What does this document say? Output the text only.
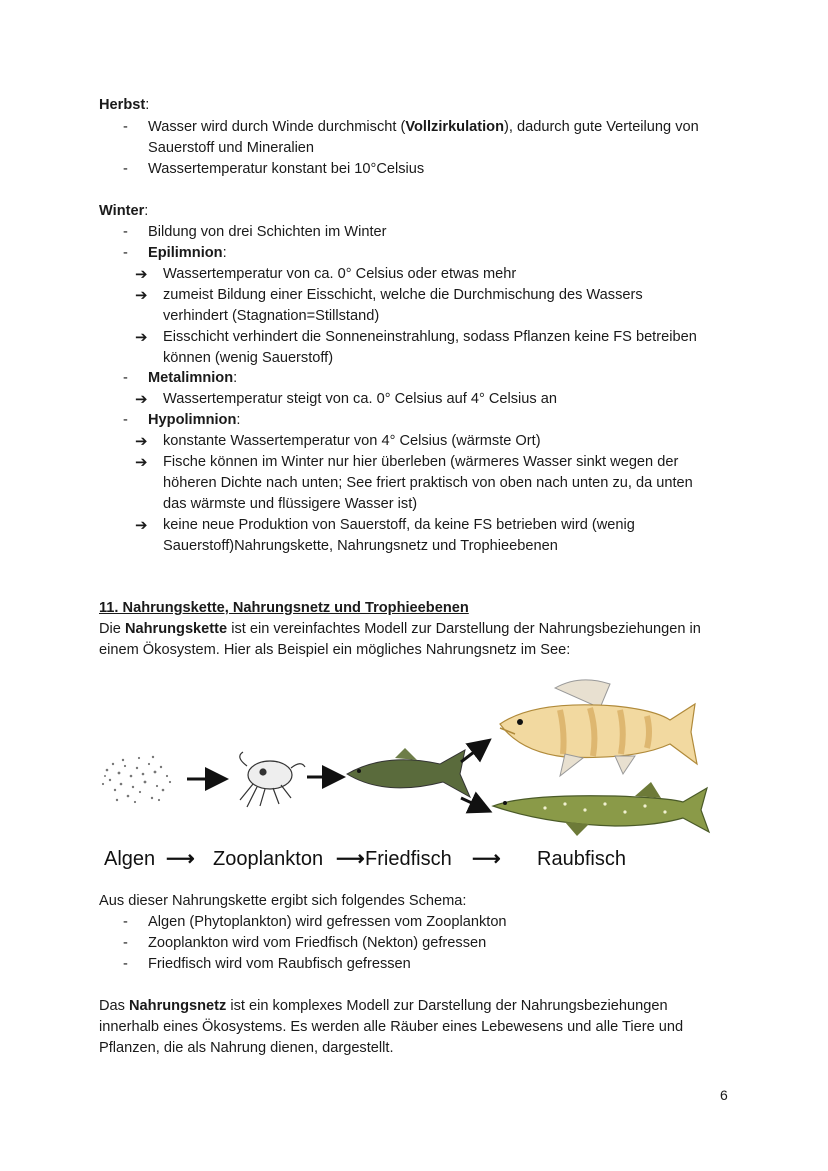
Herbst:
- Wasser wird durch Winde durchmischt (Vollzirkulation), dadurch gute Verteilung von
Sauerstoff und Mineralien
- Wassertemperatur konstant bei 10°Celsius
Winter:
- Bildung von drei Schichten im Winter
- Epilimnion:
➔ Wassertemperatur von ca. 0° Celsius oder etwas mehr
➔ zumeist Bildung einer Eisschicht, welche die Durchmischung des Wassers
verhindert (Stagnation=Stillstand)
➔ Eisschicht verhindert die Sonneneinstrahlung, sodass Pflanzen keine FS betreiben
können (wenig Sauerstoff)
- Metalimnion:
➔ Wassertemperatur steigt von ca. 0° Celsius auf 4° Celsius an
- Hypolimnion:
➔ konstante Wassertemperatur von 4° Celsius (wärmste Ort)
➔ Fische können im Winter nur hier überleben (wärmeres Wasser sinkt wegen der
höheren Dichte nach unten; See friert praktisch von oben nach unten zu, da unten
das wärmste und flüssigere Wasser ist)
➔ keine neue Produktion von Sauerstoff, da keine FS betrieben wird (wenig
Sauerstoff)Nahrungskette, Nahrungsnetz und Trophieebenen
11. Nahrungskette, Nahrungsnetz und Trophieebenen
Die Nahrungskette ist ein vereinfachtes Modell zur Darstellung der Nahrungsbeziehungen in
einem Ökosystem. Hier als Beispiel ein mögliches Nahrungsnetz im See:
Algen ⟶ Zooplankton ⟶ Friedfisch ⟶ Raubfisch
Aus dieser Nahrungskette ergibt sich folgendes Schema:
- Algen (Phytoplankton) wird gefressen vom Zooplankton
- Zooplankton wird vom Friedfisch (Nekton) gefressen
- Friedfisch wird vom Raubfisch gefressen
Das Nahrungsnetz ist ein komplexes Modell zur Darstellung der Nahrungsbeziehungen
innerhalb eines Ökosystems. Es werden alle Räuber eines Lebewesens und alle Tiere und
Pflanzen, die als Nahrung dienen, dargestellt.
6
